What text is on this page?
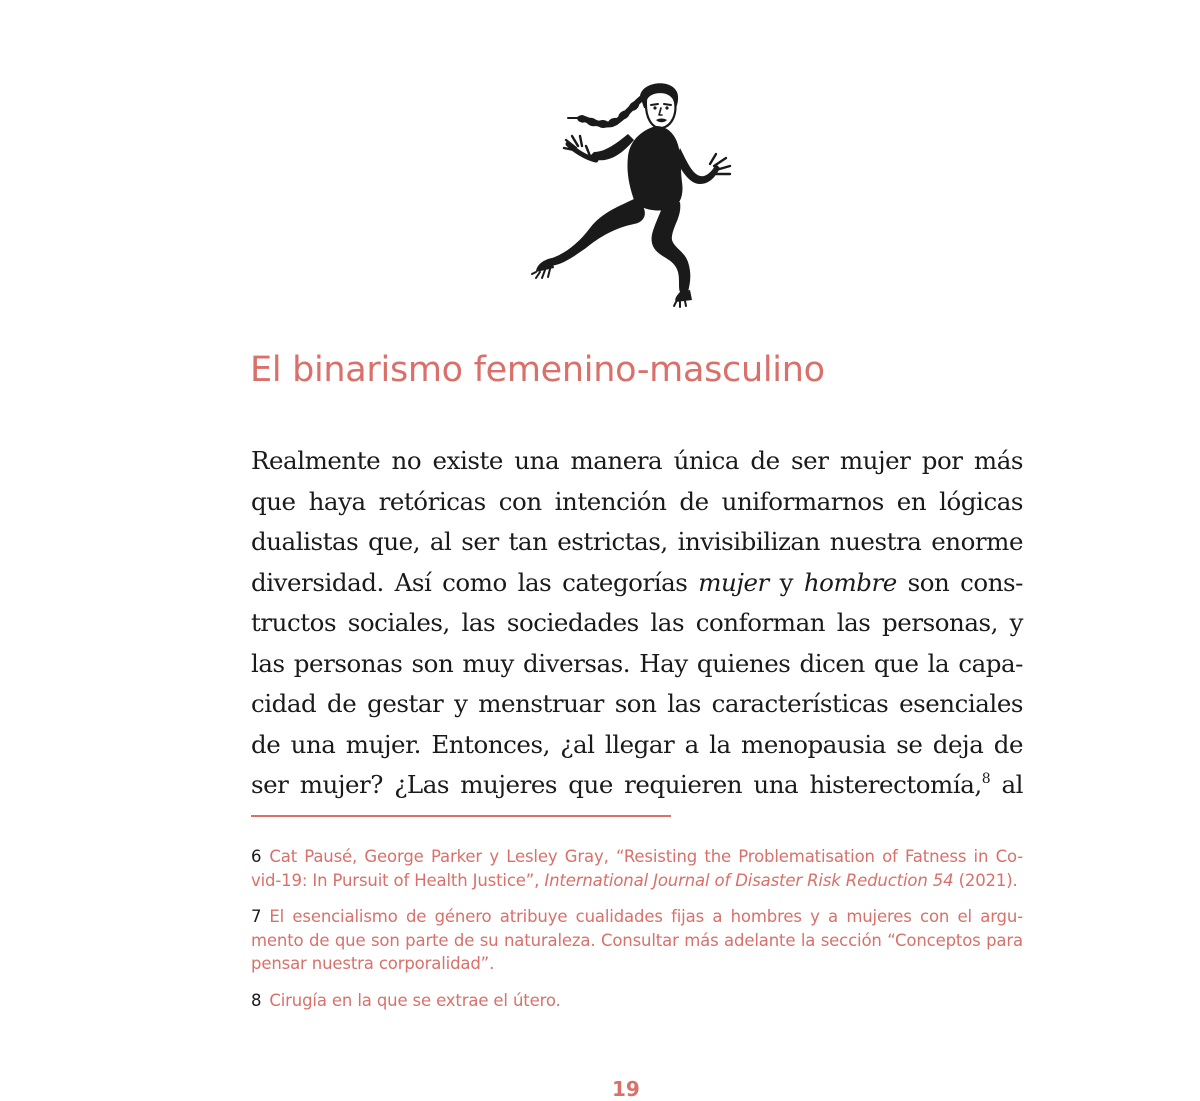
El binarismo femenino-masculino
Realmente no existe una manera única de ser mujer por más
que haya retóricas con intención de uniformarnos en lógicas
dualistas que, al ser tan estrictas, invisibilizan nuestra enorme
diversidad. Así como las categorías mujer y hombre son cons-
tructos sociales, las sociedades las conforman las personas, y
las personas son muy diversas. Hay quienes dicen que la capa-
cidad de gestar y menstruar son las características esenciales
de una mujer. Entonces, ¿al llegar a la menopausia se deja de
ser mujer? ¿Las mujeres que requieren una histerectomía,$^8$ al
6 Cat Pausé, George Parker y Lesley Gray, “Resisting the Problematisation of Fatness in Co-
vid-19: In Pursuit of Health Justice”, International Journal of Disaster Risk Reduction 54 (2021).
7 El esencialismo de género atribuye cualidades fijas a hombres y a mujeres con el argu-
mento de que son parte de su naturaleza. Consultar más adelante la sección “Conceptos para
pensar nuestra corporalidad”.
8 Cirugía en la que se extrae el útero.
19
